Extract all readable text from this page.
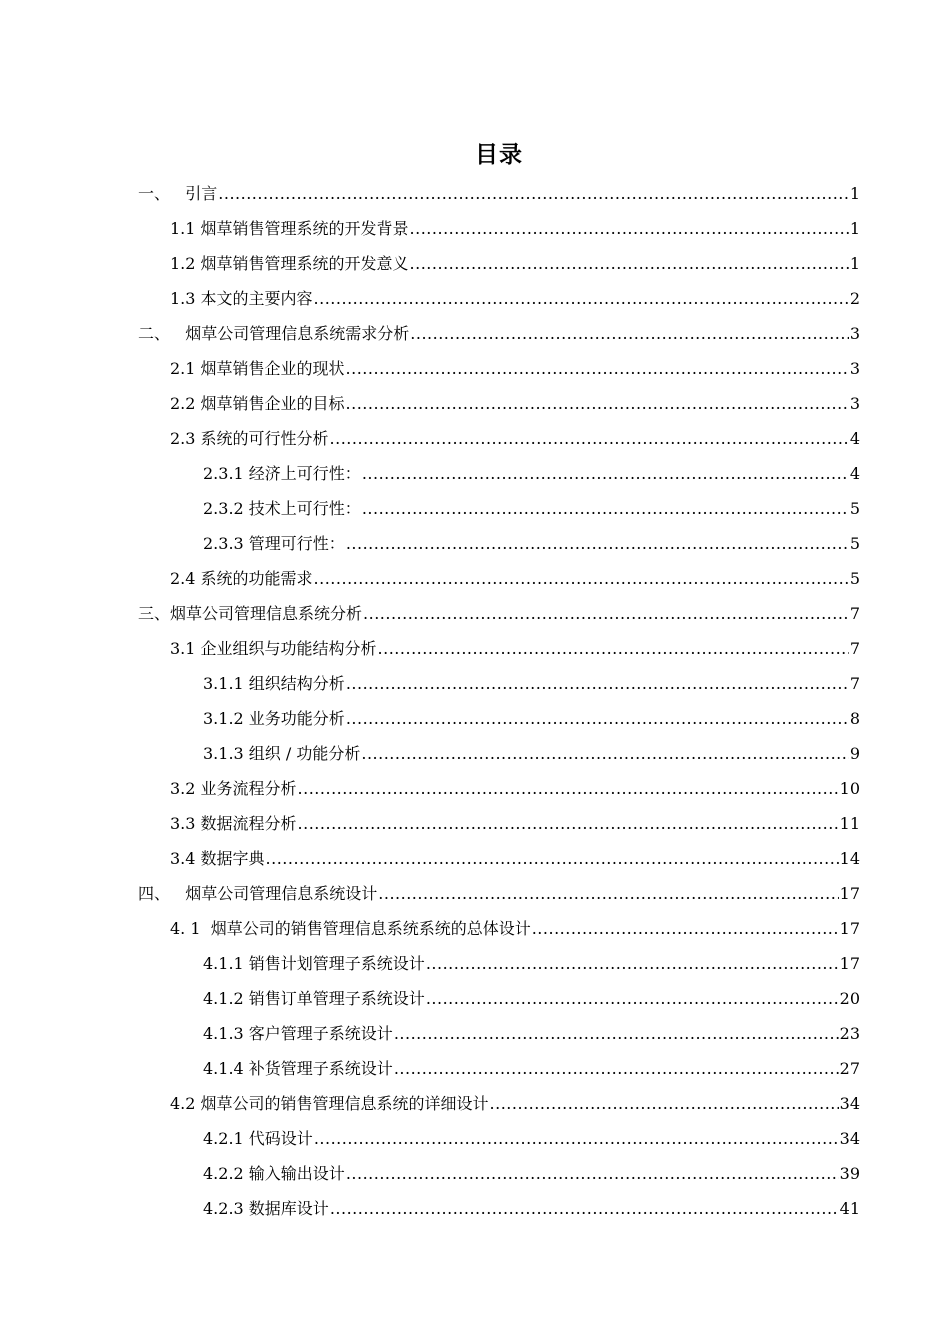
目录
一、   引言 .....	1
1.1 烟草销售管理系统的开发背景 .....	1
1.2 烟草销售管理系统的开发意义 .....	1
1.3 本文的主要内容 .....	2
二、   烟草公司管理信息系统需求分析 .....	3
2.1 烟草销售企业的现状 .....	3
2.2 烟草销售企业的目标 .....	3
2.3 系统的可行性分析 .....	4
2.3.1 经济上可行性： .....	4
2.3.2 技术上可行性： .....	5
2.3.3 管理可行性： .....	5
2.4 系统的功能需求 .....	5
三、烟草公司管理信息系统分析 .....	7
3.1 企业组织与功能结构分析 .....	7
3.1.1 组织结构分析 .....	7
3.1.2 业务功能分析 .....	8
3.1.3 组织 / 功能分析 .....	9
3.2 业务流程分析 .....	10
3.3 数据流程分析 .....	11
3.4 数据字典 .....	14
四、   烟草公司管理信息系统设计 .....	17
4. 1  烟草公司的销售管理信息系统系统的总体设计 .....	17
4.1.1 销售计划管理子系统设计 .....	17
4.1.2 销售订单管理子系统设计 .....	20
4.1.3 客户管理子系统设计 .....	23
4.1.4 补货管理子系统设计 .....	27
4.2 烟草公司的销售管理信息系统的详细设计 .....	34
4.2.1 代码设计 .....	34
4.2.2 输入输出设计 .....	39
4.2.3 数据库设计 .....	41
